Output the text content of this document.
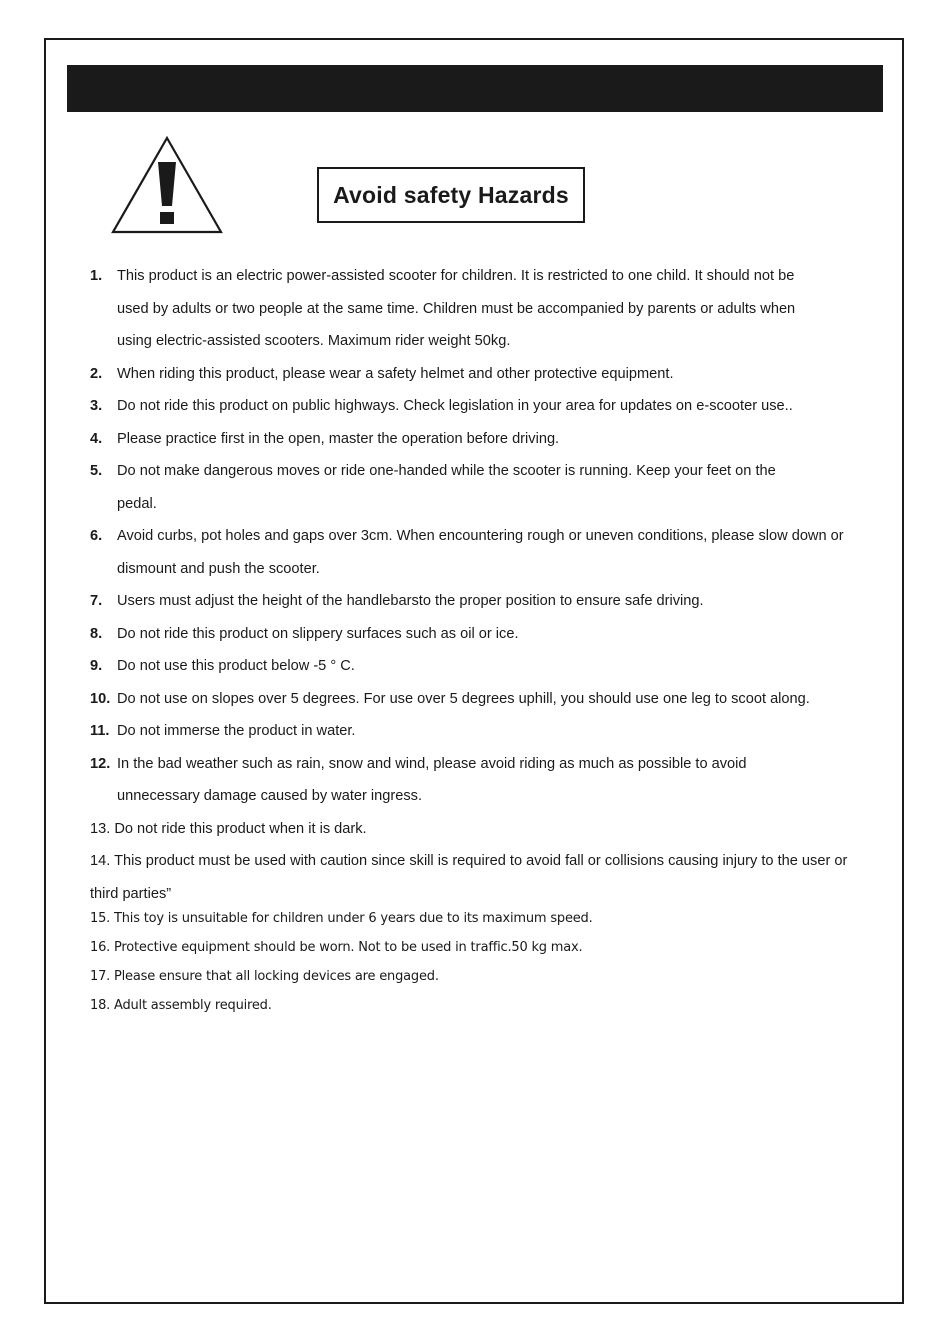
Avoid safety Hazards
1.	This product is an electric power-assisted scooter for children. It is restricted to one child. It should not be used by adults or two people at the same time. Children must be accompanied by parents or adults when using electric-assisted scooters. Maximum rider weight 50kg.
2.	When riding this product, please wear a safety helmet and other protective equipment.
3.	Do not ride this product on public highways. Check legislation in your area for updates on e-scooter use..
4.	Please practice first in the open, master the operation before driving.
5.	Do not make dangerous moves or ride one-handed while the scooter is running. Keep your feet on the pedal.
6.	Avoid curbs, pot holes and gaps over 3cm. When encountering rough or uneven conditions, please slow down or dismount and push the scooter.
7.	Users must adjust the height of the handlebarsto the proper position to ensure safe driving.
8.	Do not ride this product on slippery surfaces such as oil or ice.
9.	Do not use this product below -5 ° C.
10. Do not use on slopes over 5 degrees. For use over 5 degrees uphill, you should use one leg to scoot along.
11. Do not immerse the product in water.
12. In the bad weather such as rain, snow and wind, please avoid riding as much as possible to avoid unnecessary damage caused by water ingress.
13. Do not ride this product when it is dark.
14. This product must be used with caution since skill is required to avoid fall or collisions causing injury to the user or third parties”
15. This toy is unsuitable for children under 6 years due to its maximum speed.
16. Protective equipment should be worn. Not to be used in traffic.50 kg max.
17. Please ensure that all locking devices are engaged.
18. Adult assembly required.
